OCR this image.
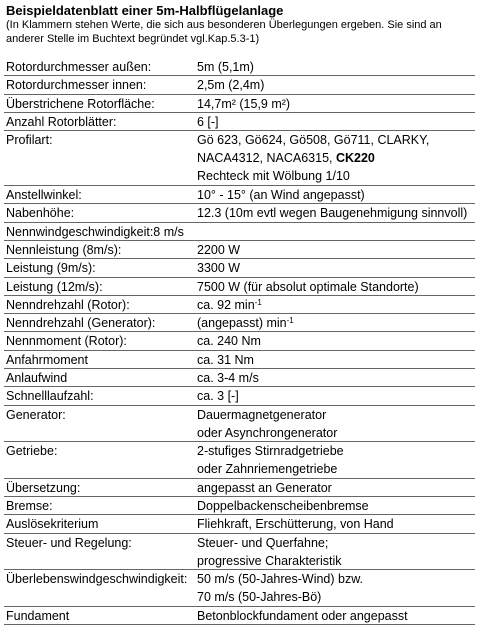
Beispieldatenblatt einer 5m-Halbflügelanlage
(In Klammern stehen Werte, die sich aus besonderen Überlegungen ergeben. Sie sind an
anderer Stelle im Buchtext begründet vgl.Kap.5.3-1)
Rotordurchmesser außen:	5m (5,1m)
Rotordurchmesser innen:	2,5m (2,4m)
Überstrichene Rotorfläche:	14,7m² (15,9 m²)
Anzahl Rotorblätter:	6 [-]
Profilart:	Gö 623, Gö624, Gö508, Gö711, CLARKY,
NACA4312, NACA6315, CK220
Rechteck mit Wölbung 1/10
Anstellwinkel:	10° - 15° (an Wind angepasst)
Nabenhöhe:	12.3 (10m evtl wegen Baugenehmigung sinnvoll)
Nennwindgeschwindigkeit:8 m/s
Nennleistung (8m/s):	2200 W
Leistung (9m/s):	3300 W
Leistung (12m/s):	7500 W (für absolut optimale Standorte)
Nenndrehzahl (Rotor):	ca. 92 $\min^{-1}$
Nenndrehzahl (Generator):	(angepasst) $\min^{-1}$
Nennmoment (Rotor):	ca. 240 Nm
Anfahrmoment	ca. 31 Nm
Anlaufwind	ca. 3-4 m/s
Schnelllaufzahl:	ca. 3 [-]
Generator:	Dauermagnetgenerator
oder Asynchrongenerator
Getriebe:	2-stufiges Stirnradgetriebe
oder Zahnriemengetriebe
Übersetzung:	angepasst an Generator
Bremse:	Doppelbackenscheibenbremse
Auslösekriterium	Fliehkraft, Erschütterung, von Hand
Steuer- und Regelung:	Steuer- und Querfahne;
progressive Charakteristik
Überlebenswindgeschwindigkeit: 50 m/s (50-Jahres-Wind) bzw.
70 m/s (50-Jahres-Bö)
Fundament	Betonblockfundament oder angepasst
